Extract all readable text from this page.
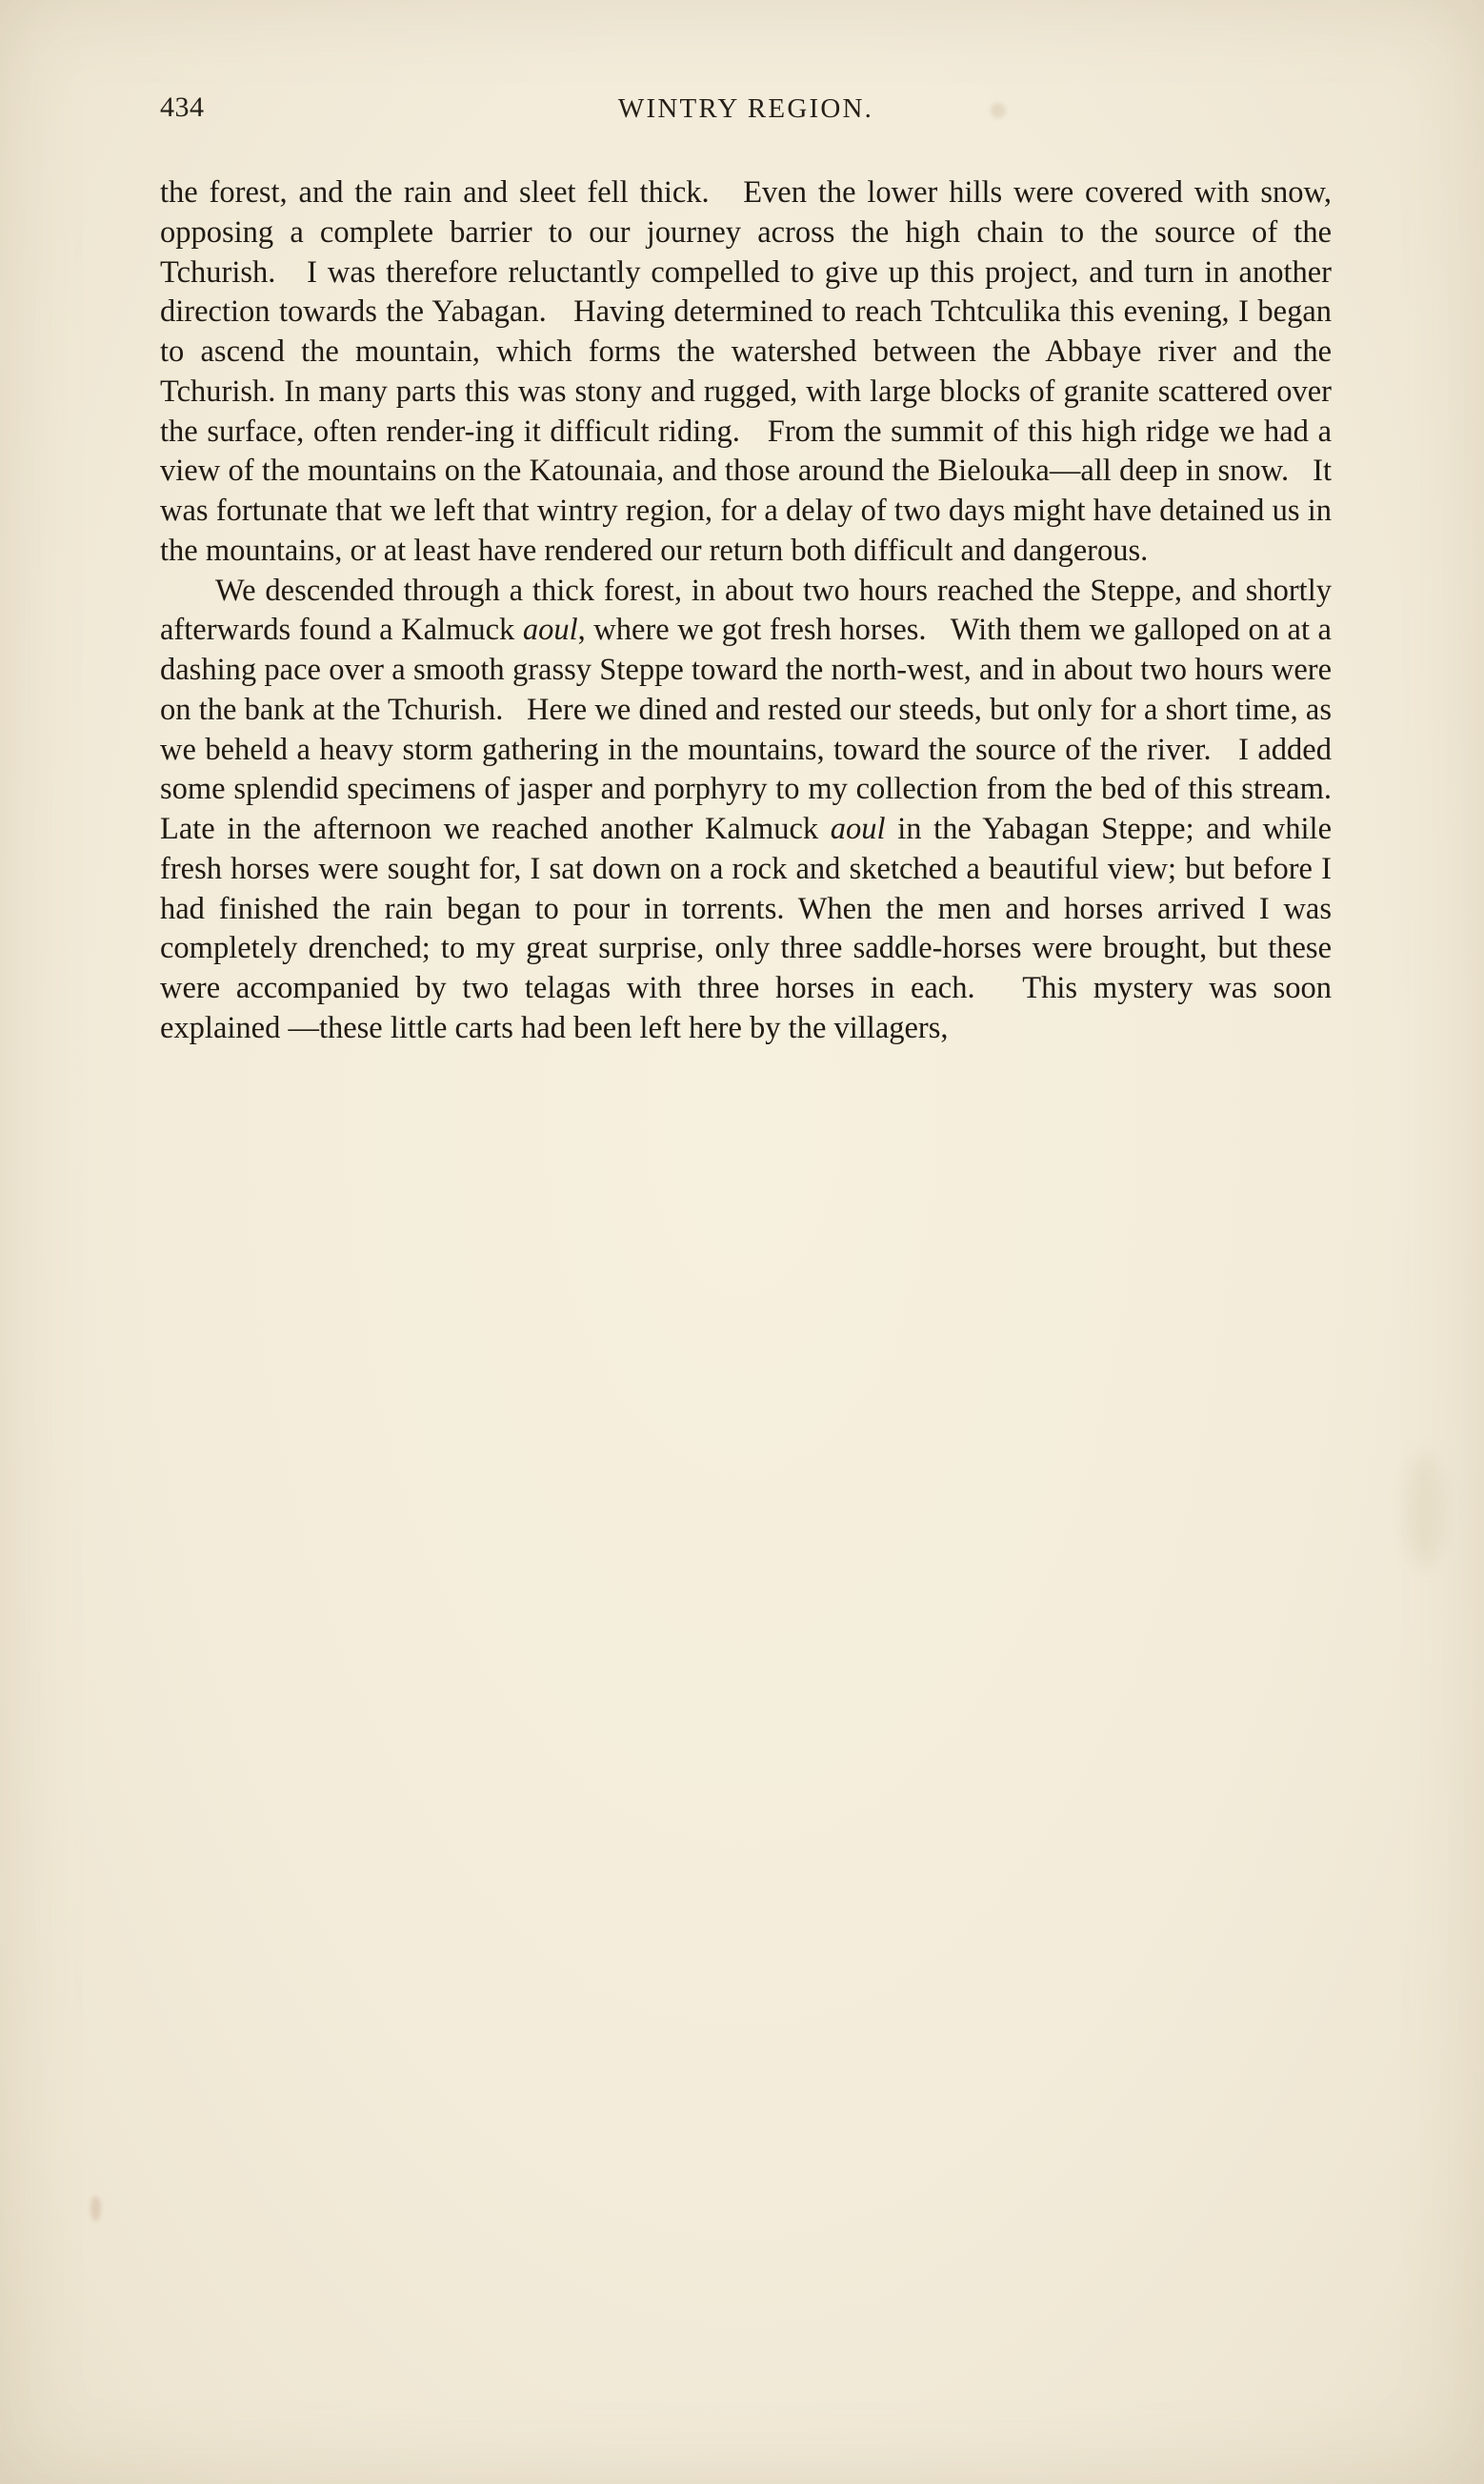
434	WINTRY REGION.

the forest, and the rain and sleet fell thick.   Even the lower hills were covered with snow, opposing a complete barrier to our journey across the high chain to the source of the Tchurish.   I was therefore reluctantly compelled to give up this project, and turn in another direction towards the Yabagan.   Having determined to reach Tchtculika this evening, I began to ascend the mountain, which forms the watershed between the Abbaye river and the Tchurish. In many parts this was stony and rugged, with large blocks of granite scattered over the surface, often render-ing it difficult riding.   From the summit of this high ridge we had a view of the mountains on the Katounaia, and those around the Bielouka—all deep in snow.   It was fortunate that we left that wintry region, for a delay of two days might have detained us in the mountains, or at least have rendered our return both difficult and dangerous.

We descended through a thick forest, in about two hours reached the Steppe, and shortly afterwards found a Kalmuck aoul, where we got fresh horses.   With them we galloped on at a dashing pace over a smooth grassy Steppe toward the north-west, and in about two hours were on the bank at the Tchurish.   Here we dined and rested our steeds, but only for a short time, as we beheld a heavy storm gathering in the mountains, toward the source of the river.   I added some splendid specimens of jasper and porphyry to my collection from the bed of this stream. Late in the afternoon we reached another Kalmuck aoul in the Yabagan Steppe; and while fresh horses were sought for, I sat down on a rock and sketched a beautiful view; but before I had finished the rain began to pour in torrents. When the men and horses arrived I was completely drenched; to my great surprise, only three saddle-horses were brought, but these were accompanied by two telagas with three horses in each.   This mystery was soon explained —these little carts had been left here by the villagers,
